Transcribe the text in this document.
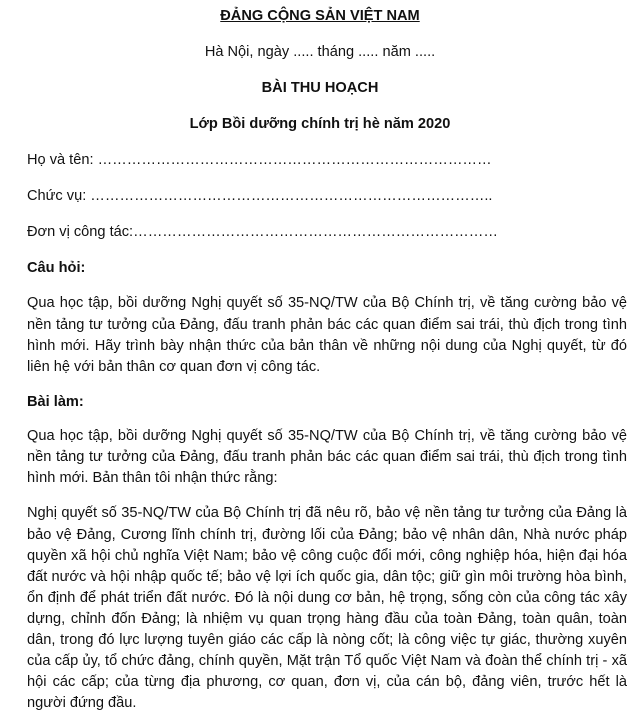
ĐẢNG CỘNG SẢN VIỆT NAM
Hà Nội, ngày ..... tháng ..... năm .....
BÀI THU HOẠCH
Lớp Bồi dưỡng chính trị hè năm 2020
Họ và tên: ………………………………………………………………………
Chức vụ: ………………………………………………………………………..
Đơn vị công tác:…………………………………………………………………
Câu hỏi:
Qua học tập, bồi dưỡng Nghị quyết số 35-NQ/TW của Bộ Chính trị, về tăng cường bảo vệ
nền tảng tư tưởng của Đảng, đấu tranh phản bác các quan điểm sai trái, thù địch trong tình
hình mới. Hãy trình bày nhận thức của bản thân về những nội dung của Nghị quyết, từ đó
liên hệ với bản thân cơ quan đơn vị công tác.
Bài làm:
Qua học tập, bồi dưỡng Nghị quyết số 35-NQ/TW của Bộ Chính trị, về tăng cường bảo vệ
nền tảng tư tưởng của Đảng, đấu tranh phản bác các quan điểm sai trái, thù địch trong tình
hình mới. Bản thân tôi nhận thức rằng:
Nghị quyết số 35-NQ/TW của Bộ Chính trị đã nêu rõ, bảo vệ nền tảng tư tưởng của Đảng là
bảo vệ Đảng, Cương lĩnh chính trị, đường lối của Đảng; bảo vệ nhân dân, Nhà nước pháp
quyền xã hội chủ nghĩa Việt Nam; bảo vệ công cuộc đổi mới, công nghiệp hóa, hiện đại hóa
đất nước và hội nhập quốc tế; bảo vệ lợi ích quốc gia, dân tộc; giữ gìn môi trường hòa bình,
ổn định để phát triển đất nước. Đó là nội dung cơ bản, hệ trọng, sống còn của công tác xây
dựng, chỉnh đốn Đảng; là nhiệm vụ quan trọng hàng đầu của toàn Đảng, toàn quân, toàn
dân, trong đó lực lượng tuyên giáo các cấp là nòng cốt; là công việc tự giác, thường xuyên
của cấp ủy, tổ chức đảng, chính quyền, Mặt trận Tổ quốc Việt Nam và đoàn thể chính trị - xã
hội các cấp; của từng địa phương, cơ quan, đơn vị, của cán bộ, đảng viên, trước hết là
người đứng đầu.
